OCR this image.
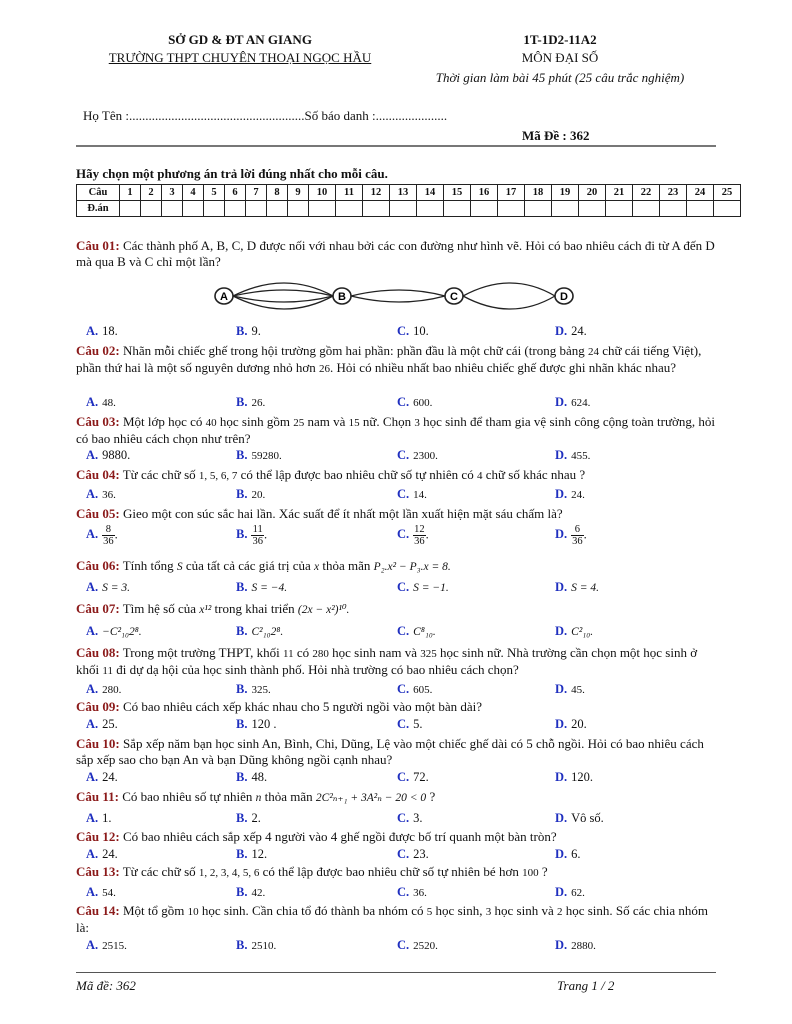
SỞ GD & ĐT AN GIANG
TRƯỜNG THPT CHUYÊN THOẠI NGỌC HẦU
1T-1D2-11A2
MÔN ĐẠI SỐ
Thời gian làm bài 45 phút (25 câu trắc nghiệm)
Họ Tên :......................................................Số báo danh :......................
Mã Đề : 362
Hãy chọn một phương án trả lời đúng nhất cho mỗi câu.
Câu	1	2	3	4	5	6	7	8	9	10	11	12	13	14	15	16	17	18	19	20	21	22	23	24	25
Đ.án																									
Câu 01: Các thành phố A, B, C, D được nối với nhau bởi các con đường như hình vẽ. Hỏi có bao nhiêu cách đi từ A đến D mà qua B và C chỉ một lần?
A	B	C	D
A. 18.	B. 9.	C. 10.	D. 24.
Câu 02: Nhãn mỗi chiếc ghế trong hội trường gồm hai phần: phần đầu là một chữ cái (trong bảng 24 chữ cái tiếng Việt), phần thứ hai là một số nguyên dương nhỏ hơn 26. Hỏi có nhiều nhất bao nhiêu chiếc ghế được ghi nhãn khác nhau?
A. 48.	B. 26.	C. 600.	D. 624.
Câu 03: Một lớp học có 40 học sinh gồm 25 nam và 15 nữ. Chọn 3 học sinh để tham gia vệ sinh công cộng toàn trường, hỏi có bao nhiêu cách chọn như trên?
A. 9880.	B. 59280.	C. 2300.	D. 455.
Câu 04: Từ các chữ số 1, 5, 6, 7 có thể lập được bao nhiêu chữ số tự nhiên có 4 chữ số khác nhau ?
A. 36.	B. 20.	C. 14.	D. 24.
Câu 05: Gieo một con súc sắc hai lần. Xác suất để ít nhất một lần xuất hiện mặt sáu chấm là?
A. $\frac{8}{36}$ .	B. $\frac{11}{36}$ .	C. $\frac{12}{36}$ .	D. $\frac{6}{36}$ .
Câu 06: Tính tổng S của tất cả các giá trị của x thỏa mãn P₂.x² − P₃.x = 8.
A. S = 3.	B. S = −4.	C. S = −1.	D. S = 4.
Câu 07: Tìm hệ số của x¹² trong khai triển (2x − x²)¹⁰.
A. −C²₁₀2⁸.	B. C²₁₀2⁸.	C. C⁸₁₀.	D. C²₁₀.
Câu 08: Trong một trường THPT, khối 11 có 280 học sinh nam và 325 học sinh nữ. Nhà trường cần chọn một học sinh ở khối 11 đi dự dạ hội của học sinh thành phố. Hỏi nhà trường có bao nhiêu cách chọn?
A. 280.	B. 325.	C. 605.	D. 45.
Câu 09: Có bao nhiêu cách xếp khác nhau cho 5 người ngồi vào một bàn dài?
A. 25.	B. 120 .	C. 5.	D. 20.
Câu 10: Sắp xếp năm bạn học sinh An, Bình, Chi, Dũng, Lệ vào một chiếc ghế dài có 5 chỗ ngồi. Hỏi có bao nhiêu cách sắp xếp sao cho bạn An và bạn Dũng không ngồi cạnh nhau?
A. 24.	B. 48.	C. 72.	D. 120.
Câu 11: Có bao nhiêu số tự nhiên n thỏa mãn 2C²ₙ₊₁ + 3A²ₙ − 20 < 0 ?
A. 1.	B. 2.	C. 3.	D. Vô số.
Câu 12: Có bao nhiêu cách sắp xếp 4 người vào 4 ghế ngồi được bố trí quanh một bàn tròn?
A. 24.	B. 12.	C. 23.	D. 6.
Câu 13: Từ các chữ số 1, 2, 3, 4, 5, 6 có thể lập được bao nhiêu chữ số tự nhiên bé hơn 100 ?
A. 54.	B. 42.	C. 36.	D. 62.
Câu 14: Một tổ gồm 10 học sinh. Cần chia tổ đó thành ba nhóm có 5 học sinh, 3 học sinh và 2 học sinh. Số các chia nhóm là:
A. 2515.	B. 2510.	C. 2520.	D. 2880.
Mã đề: 362	Trang 1 / 2
